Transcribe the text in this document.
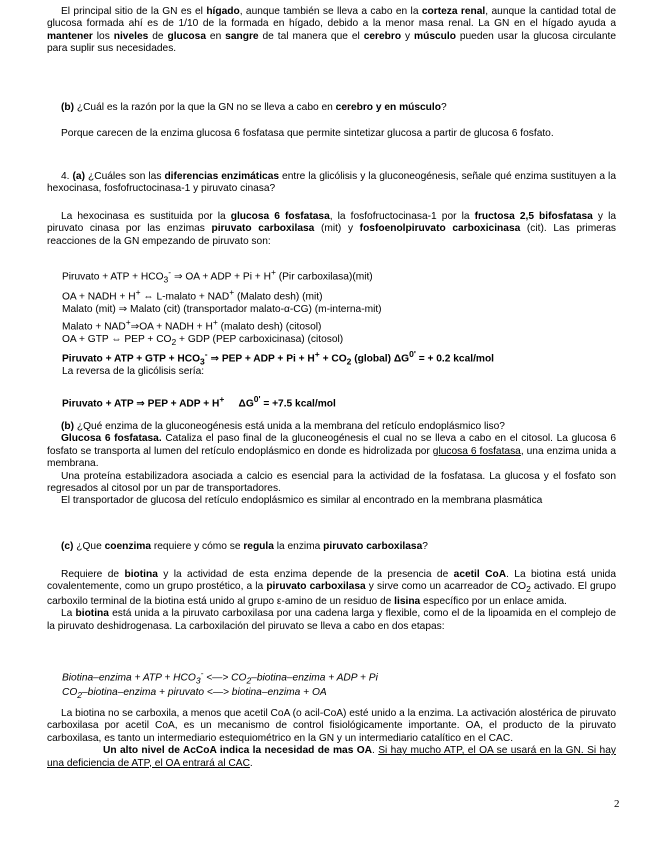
El principal sitio de la GN es el hígado, aunque también se lleva a cabo en la corteza renal, aunque la cantidad total de glucosa formada ahí es de 1/10 de la formada en hígado, debido a la menor masa renal. La GN en el hígado ayuda a mantener los niveles de glucosa en sangre de tal manera que el cerebro y músculo pueden usar la glucosa circulante para suplir sus necesidades.

(b) ¿Cuál es la razón por la que la GN no se lleva a cabo en cerebro y en músculo?

Porque carecen de la enzima glucosa 6 fosfatasa que permite sintetizar glucosa a partir de glucosa 6 fosfato.

4. (a) ¿Cuáles son las diferencias enzimáticas entre la glicólisis y la gluconeogénesis, señale qué enzima sustituyen a la hexocinasa, fosfofructocinasa-1 y piruvato cinasa?

La hexocinasa es sustituida por la glucosa 6 fosfatasa, la fosfofructocinasa-1 por la fructosa 2,5 bifosfatasa y la piruvato cinasa por las enzimas piruvato carboxilasa (mit) y fosfoenolpiruvato carboxicinasa (cit). Las primeras reacciones de la GN empezando de piruvato son:

Piruvato + ATP + $HCO_3^-$ ⇒ OA + ADP + Pi + H+ (Pir carboxilasa)(mit)
OA + NADH + H+ ⇔ L-malato + NAD+ (Malato desh) (mit)
Malato (mit) ⇒ Malato (cit) (transportador malato-α-CG) (m-interna-mit)
Malato + NAD+⇒OA + NADH + H+ (malato desh) (citosol)
OA + GTP ⇔ PEP + $CO_2$ + GDP (PEP carboxicinasa) (citosol)
Piruvato + ATP + GTP + $HCO_3^-$ ⇒ PEP + ADP + $Pi + H^+ + CO_2$ (global) $\Delta G^{0'}$ = + 0.2 kcal/mol
La reversa de la glicólisis sería:
Piruvato + ATP ⇒ PEP + ADP + H+     $\Delta G^{0'} = +7.5$ kcal/mol

(b) ¿Qué enzima de la gluconeogénesis está unida a la membrana del retículo endoplásmico liso?

Glucosa 6 fosfatasa. Cataliza el paso final de la gluconeogénesis el cual no se lleva a cabo en el citosol. La glucosa 6 fosfato se transporta al lumen del retículo endoplásmico en donde es hidrolizada por glucosa 6 fosfatasa, una enzima unida a membrana.

Una proteína estabilizadora asociada a calcio es esencial para la actividad de la fosfatasa. La glucosa y el fosfato son regresados al citosol por un par de transportadores.

El transportador de glucosa del retículo endoplásmico es similar al encontrado en la membrana plasmática

(c) ¿Que coenzima requiere y cómo se regula la enzima piruvato carboxilasa?

Requiere de biotina y la actividad de esta enzima depende de la presencia de acetil CoA. La biotina está unida covalentemente, como un grupo prostético, a la piruvato carboxilasa y sirve como un acarreador de $CO_2$ activado. El grupo carboxilo terminal de la biotina está unido al grupo ε-amino de un residuo de lisina específico por un enlace amida.

La biotina está unida a la piruvato carboxilasa por una cadena larga y flexible, como el de la lipoamida en el complejo de la piruvato deshidrogenasa. La carboxilación del piruvato se lleva a cabo en dos etapas:

Biotina–enzima + ATP + $HCO_3^-$ <—> $CO_2-biotina$–enzima + ADP + Pi
$CO_2-biotina$–enzima + piruvato <—> biotina–enzima + OA

La biotina no se carboxila, a menos que acetil CoA (o acil-CoA) esté unido a la enzima. La activación alostérica de piruvato carboxilasa por acetil CoA, es un mecanismo de control fisiológicamente importante. OA, el producto de la piruvato carboxilasa, es tanto un intermediario estequiométrico en la GN y un intermediario catalítico en el CAC.

Un alto nivel de AcCoA indica la necesidad de mas OA. Si hay mucho ATP, el OA se usará en la GN. Si hay una deficiencia de ATP, el OA entrará al CAC.

2
